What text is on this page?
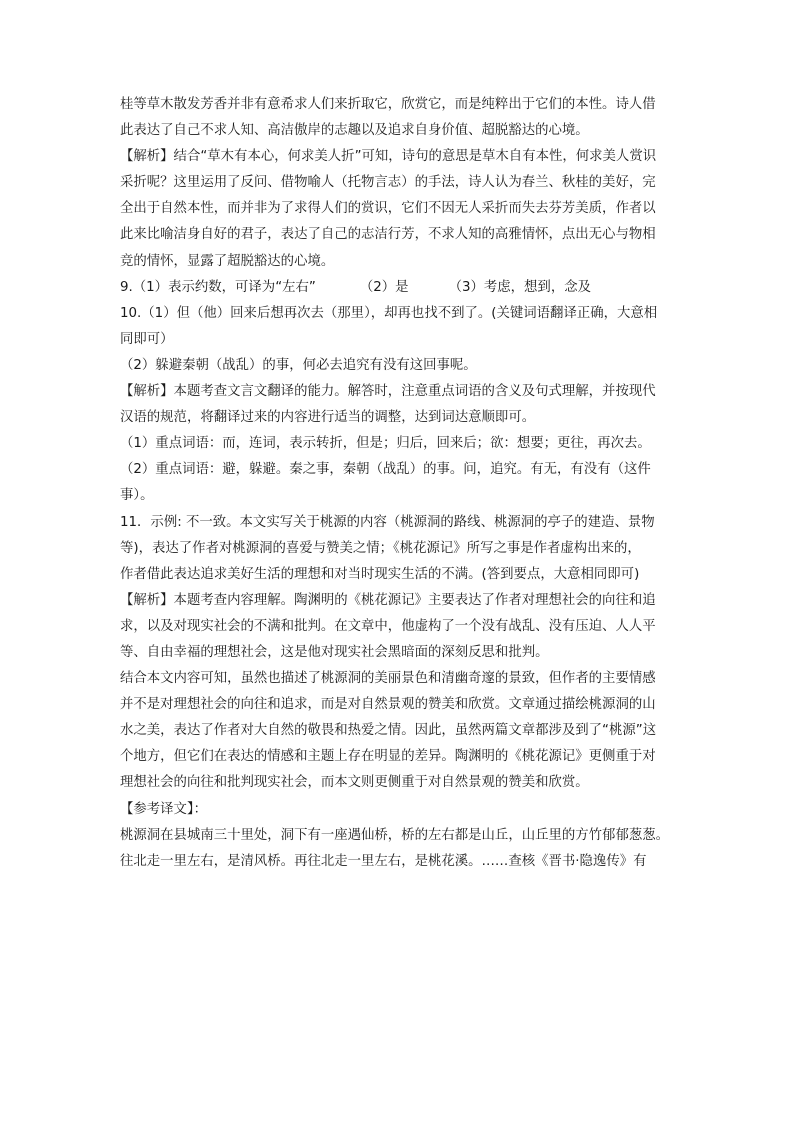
桂等草木散发芳香并非有意希求人们来折取它，欣赏它，而是纯粹出于它们的本性。诗人借
此表达了自己不求人知、高洁傲岸的志趣以及追求自身价值、超脱豁达的心境。
【解析】结合“草木有本心，何求美人折”可知，诗句的意思是草木自有本性，何求美人赏识
采折呢？这里运用了反问、借物喻人（托物言志）的手法，诗人认为春兰、秋桂的美好，完
全出于自然本性，而并非为了求得人们的赏识，它们不因无人采折而失去芬芳美质，作者以
此来比喻洁身自好的君子，表达了自己的志洁行芳，不求人知的高雅情怀，点出无心与物相
竞的情怀，显露了超脱豁达的心境。
9.（1）表示约数，可译为“左右”	（2）是	（3）考虑，想到，念及
10.（1）但（他）回来后想再次去（那里），却再也找不到了。(关键词语翻译正确，大意相
同即可）
（2）躲避秦朝（战乱）的事，何必去追究有没有这回事呢。
【解析】本题考查文言文翻译的能力。解答时，注意重点词语的含义及句式理解，并按现代
汉语的规范，将翻译过来的内容进行适当的调整，达到词达意顺即可。
（1）重点词语：而，连词，表示转折，但是；归后，回来后；欲：想要；更往，再次去。
（2）重点词语：避，躲避。秦之事，秦朝（战乱）的事。问，追究。有无，有没有（这件
事）。
11．示例: 不一致。本文实写关于桃源的内容（桃源洞的路线、桃源洞的亭子的建造、景物
等)，表达了作者对桃源洞的喜爱与赞美之情；《桃花源记》所写之事是作者虚构出来的，
作者借此表达追求美好生活的理想和对当时现实生活的不满。(答到要点，大意相同即可)
【解析】本题考查内容理解。陶渊明的《桃花源记》主要表达了作者对理想社会的向往和追
求，以及对现实社会的不满和批判。在文章中，他虚构了一个没有战乱、没有压迫、人人平
等、自由幸福的理想社会，这是他对现实社会黑暗面的深刻反思和批判。
结合本文内容可知，虽然也描述了桃源洞的美丽景色和清幽奇邃的景致，但作者的主要情感
并不是对理想社会的向往和追求，而是对自然景观的赞美和欣赏。文章通过描绘桃源洞的山
水之美，表达了作者对大自然的敬畏和热爱之情。因此，虽然两篇文章都涉及到了“桃源”这
个地方，但它们在表达的情感和主题上存在明显的差异。陶渊明的《桃花源记》更侧重于对
理想社会的向往和批判现实社会，而本文则更侧重于对自然景观的赞美和欣赏。
【参考译文】：
桃源洞在县城南三十里处，洞下有一座遇仙桥，桥的左右都是山丘，山丘里的方竹郁郁葱葱。
往北走一里左右，是清风桥。再往北走一里左右，是桃花溪。……查核《晋书·隐逸传》有
